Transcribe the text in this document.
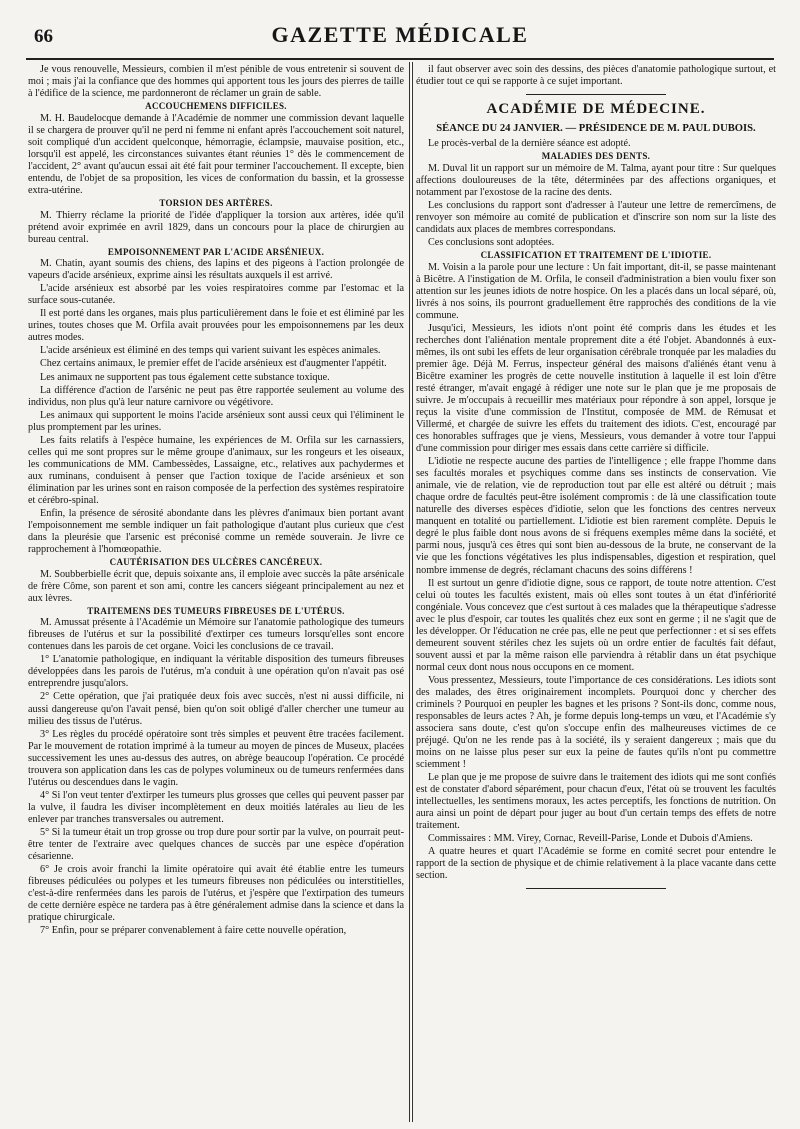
66	GAZETTE MÉDICALE

Je vous renouvelle, Messieurs, combien il m'est pénible de vous entretenir si souvent de moi ; mais j'ai la confiance que des hommes qui apportent tous les jours des pierres de taille à l'édifice de la science, me pardonneront de réclamer un grain de sable.

ACCOUCHEMENS DIFFICILES.

M. H. Baudelocque demande à l'Académie de nommer une commission devant laquelle il se chargera de prouver qu'il ne perd ni femme ni enfant après l'accouchement soit naturel, soit compliqué d'un accident quelconque, hémorragie, éclampsie, mauvaise position, etc., lorsqu'il est appelé, les circonstances suivantes étant réunies 1° dès le commencement de l'accident, 2° avant qu'aucun essai ait été fait pour terminer l'accouchement. Il excepte, bien entendu, de l'objet de sa proposition, les vices de conformation du bassin, et la grossesse extra-utérine.

TORSION DES ARTÈRES.

M. Thierry réclame la priorité de l'idée d'appliquer la torsion aux artères, idée qu'il prétend avoir exprimée en avril 1829, dans un concours pour la place de chirurgien au bureau central.

EMPOISONNEMENT PAR L'ACIDE ARSÉNIEUX.

M. Chatin, ayant soumis des chiens, des lapins et des pigeons à l'action prolongée de vapeurs d'acide arsénieux, exprime ainsi les résultats auxquels il est arrivé.

L'acide arsénieux est absorbé par les voies respiratoires comme par l'estomac et la surface sous-cutanée.

Il est porté dans les organes, mais plus particulièrement dans le foie et est éliminé par les urines, toutes choses que M. Orfila avait prouvées pour les empoisonnemens par les deux autres modes.

L'acide arsénieux est éliminé en des temps qui varient suivant les espèces animales.

Chez certains animaux, le premier effet de l'acide arsénieux est d'augmenter l'appétit.

Les animaux ne supportent pas tous également cette substance toxique.

La différence d'action de l'arsénic ne peut pas être rapportée seulement au volume des individus, non plus qu'à leur nature carnivore ou végétivore.

Les animaux qui supportent le moins l'acide arsénieux sont aussi ceux qui l'éliminent le plus promptement par les urines.

Les faits relatifs à l'espèce humaine, les expériences de M. Orfila sur les carnassiers, celles qui me sont propres sur le même groupe d'animaux, sur les rongeurs et les oiseaux, les communications de MM. Cambessèdes, Lassaigne, etc., relatives aux pachydermes et aux ruminans, conduisent à penser que l'action toxique de l'acide arsénieux et son élimination par les urines sont en raison composée de la perfection des systèmes respiratoire et cérébro-spinal.

Enfin, la présence de sérosité abondante dans les plèvres d'animaux bien portant avant l'empoisonnement me semble indiquer un fait pathologique d'autant plus curieux que c'est dans la pleurésie que l'arsenic est préconisé comme un remède souverain. Je livre ce rapprochement à l'homœopathie.

CAUTÉRISATION DES ULCÈRES CANCÉREUX.

M. Soubberbielle écrit que, depuis soixante ans, il emploie avec succès la pâte arsénicale de frère Côme, son parent et son ami, contre les cancers siégeant principalement au nez et aux lèvres.

TRAITEMENS DES TUMEURS FIBREUSES DE L'UTÉRUS.

M. Amussat présente à l'Académie un Mémoire sur l'anatomie pathologique des tumeurs fibreuses de l'utérus et sur la possibilité d'extirper ces tumeurs lorsqu'elles sont encore contenues dans les parois de cet organe. Voici les conclusions de ce travail.

1° L'anatomie pathologique, en indiquant la véritable disposition des tumeurs fibreuses développées dans les parois de l'utérus, m'a conduit à une opération qu'on n'avait pas osé entreprendre jusqu'alors.

2° Cette opération, que j'ai pratiquée deux fois avec succès, n'est ni aussi difficile, ni aussi dangereuse qu'on l'avait pensé, bien qu'on soit obligé d'aller chercher une tumeur au milieu des tissus de l'utérus.

3° Les règles du procédé opératoire sont très simples et peuvent être tracées facilement. Par le mouvement de rotation imprimé à la tumeur au moyen de pinces de Museux, placées successivement les unes au-dessus des autres, on abrège beaucoup l'opération. Ce procédé trouvera son application dans les cas de polypes volumineux ou de tumeurs renfermées dans l'utérus ou descendues dans le vagin.

4° Si l'on veut tenter d'extirper les tumeurs plus grosses que celles qui peuvent passer par la vulve, il faudra les diviser incomplètement en deux moitiés latérales au lieu de les enlever par tranches transversales ou autrement.

5° Si la tumeur était un trop grosse ou trop dure pour sortir par la vulve, on pourrait peut-être tenter de l'extraire avec quelques chances de succès par une espèce d'opération césarienne.

6° Je crois avoir franchi la limite opératoire qui avait été établie entre les tumeurs fibreuses pédiculées ou polypes et les tumeurs fibreuses non pédiculées ou interstitielles, c'est-à-dire renfermées dans les parois de l'utérus, et j'espère que l'extirpation des tumeurs de cette dernière espèce ne tardera pas à être généralement admise dans la science et dans la pratique chirurgicale.

7° Enfin, pour se préparer convenablement à faire cette nouvelle opération,

il faut observer avec soin des dessins, des pièces d'anatomie pathologique surtout, et étudier tout ce qui se rapporte à ce sujet important.

ACADÉMIE DE MÉDECINE.
SÉANCE DU 24 JANVIER. — PRÉSIDENCE DE M. PAUL DUBOIS.

Le procès-verbal de la dernière séance est adopté.

MALADIES DES DENTS.

M. Duval lit un rapport sur un mémoire de M. Talma, ayant pour titre : Sur quelques affections douloureuses de la tête, déterminées par des affections organiques, et notamment par l'exostose de la racine des dents.

Les conclusions du rapport sont d'adresser à l'auteur une lettre de remercîmens, de renvoyer son mémoire au comité de publication et d'inscrire son nom sur la liste des candidats aux places de membres correspondans.

Ces conclusions sont adoptées.

CLASSIFICATION ET TRAITEMENT DE L'IDIOTIE.

M. Voisin a la parole pour une lecture : Un fait important, dit-il, se passe maintenant à Bicêtre. A l'instigation de M. Orfila, le conseil d'administration a bien voulu fixer son attention sur les jeunes idiots de notre hospice. On les a placés dans un local séparé, où, livrés à nos soins, ils pourront graduellement être rapprochés des conditions de la vie commune.

Jusqu'ici, Messieurs, les idiots n'ont point été compris dans les études et les recherches dont l'aliénation mentale proprement dite a été l'objet. Abandonnés à eux-mêmes, ils ont subi les effets de leur organisation cérébrale tronquée par les maladies du premier âge. Déjà M. Ferrus, inspecteur général des maisons d'aliénés étant venu à Bicêtre examiner les progrès de cette nouvelle institution à laquelle il est loin d'être resté étranger, m'avait engagé à rédiger une note sur le plan que je me proposais de suivre. Je m'occupais à recueillir mes matériaux pour répondre à son appel, lorsque je reçus la visite d'une commission de l'Institut, composée de MM. de Rémusat et Villermé, et chargée de suivre les effets du traitement des idiots. C'est, encouragé par ces honorables suffrages que je viens, Messieurs, vous demander à votre tour l'appui d'une commission pour diriger mes essais dans cette carrière si difficile.

L'idiotie ne respecte aucune des parties de l'intelligence ; elle frappe l'homme dans ses facultés morales et psychiques comme dans ses instincts de conservation. Vie animale, vie de relation, vie de reproduction tout par elle est altéré ou détruit ; mais chaque ordre de facultés peut-être isolément compromis : de là une classification toute naturelle des diverses espèces d'idiotie, selon que les fonctions des centres nerveux manquent en totalité ou partiellement. L'idiotie est bien rarement complète. Depuis le degré le plus faible dont nous avons de si fréquens exemples même dans la société, et parmi nous, jusqu'à ces êtres qui sont bien au-dessous de la brute, ne conservant de la vie que les fonctions végétatives les plus indispensables, digestion et respiration, quel nombre immense de degrés, réclamant chacuns des soins différens !

Il est surtout un genre d'idiotie digne, sous ce rapport, de toute notre attention. C'est celui où toutes les facultés existent, mais où elles sont toutes à un état d'infériorité congéniale. Vous concevez que c'est surtout à ces malades que la thérapeutique s'adresse avec le plus d'espoir, car toutes les qualités chez eux sont en germe ; il ne s'agit que de les développer. Or l'éducation ne crée pas, elle ne peut que perfectionner : et si ses effets demeurent souvent stériles chez les sujets où un ordre entier de facultés fait défaut, souvent aussi et par la même raison elle parviendra à rétablir dans un état psychique normal ceux dont nous nous occupons en ce moment.

Vous pressentez, Messieurs, toute l'importance de ces considérations. Les idiots sont des malades, des êtres originairement incomplets. Pourquoi donc y chercher des criminels ? Pourquoi en peupler les bagnes et les prisons ? Sont-ils donc, comme nous, responsables de leurs actes ? Ah, je forme depuis long-temps un vœu, et l'Académie s'y associera sans doute, c'est qu'on s'occupe enfin des malheureuses victimes de ce préjugé. Qu'on ne les rende pas à la société, ils y seraient dangereux ; mais que du moins on ne laisse plus peser sur eux la peine de fautes qu'ils n'ont pu commettre sciemment !

Le plan que je me propose de suivre dans le traitement des idiots qui me sont confiés est de constater d'abord séparément, pour chacun d'eux, l'état où se trouvent les facultés intellectuelles, les sentimens moraux, les actes perceptifs, les fonctions de nutrition. On aura ainsi un point de départ pour juger au bout d'un certain temps des effets de notre traitement.

Commissaires : MM. Virey, Cornac, Reveill-Parise, Londe et Dubois d'Amiens.

A quatre heures et quart l'Académie se forme en comité secret pour entendre le rapport de la section de physique et de chimie relativement à la place vacante dans cette section.
